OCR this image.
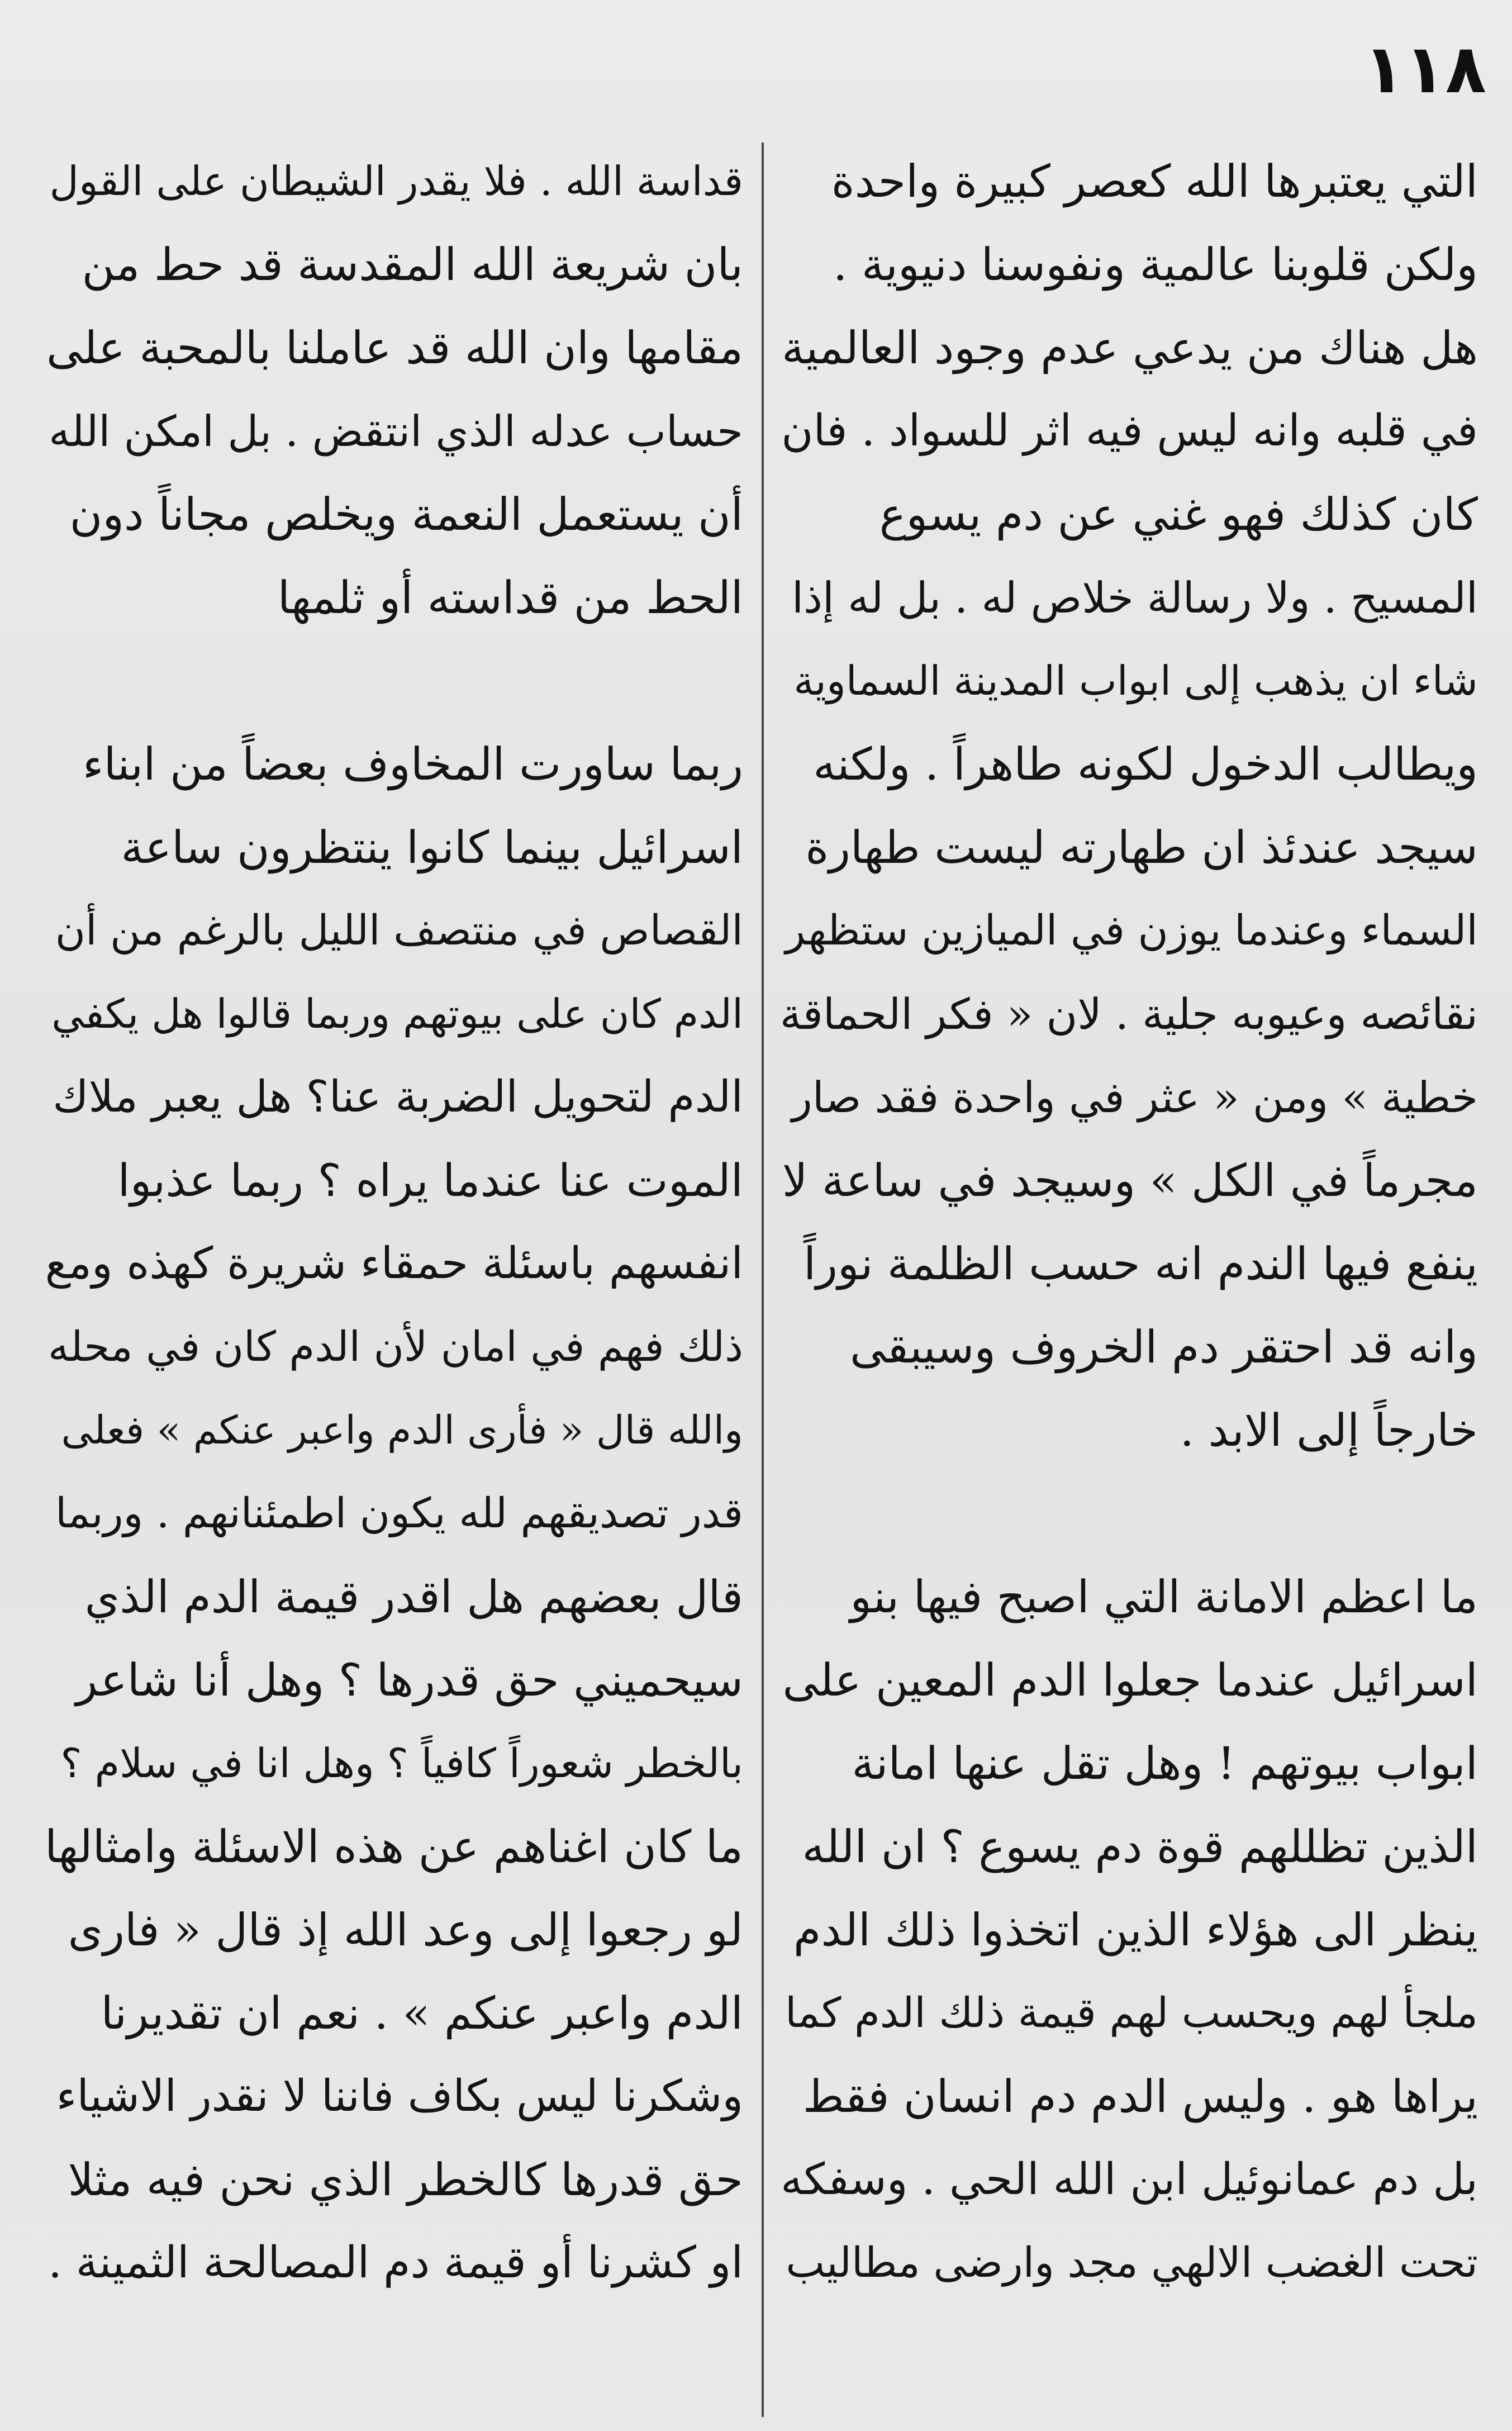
١١٨
التي يعتبرها الله كعصر كبيرة واحدة
ولكن قلوبنا عالمية ونفوسنا دنيوية .
هل هناك من يدعي عدم وجود العالمية
في قلبه وانه ليس فيه اثر للسواد . فان
كان كذلك فهو غني عن دم يسوع
المسيح . ولا رسالة خلاص له . بل له إذا
شاء ان يذهب إلى ابواب المدينة السماوية
ويطالب الدخول لكونه طاهراً . ولكنه
سيجد عندئذ ان طهارته ليست طهارة
السماء وعندما يوزن في الميازين ستظهر
نقائصه وعيوبه جلية . لان « فكر الحماقة
خطية » ومن « عثر في واحدة فقد صار
مجرماً في الكل » وسيجد في ساعة لا
ينفع فيها الندم انه حسب الظلمة نوراً
وانه قد احتقر دم الخروف وسيبقى
خارجاً إلى الابد .
ما اعظم الامانة التي اصبح فيها بنو
اسرائيل عندما جعلوا الدم المعين على
ابواب بيوتهم ! وهل تقل عنها امانة
الذين تظللهم قوة دم يسوع ؟ ان الله
ينظر الى هؤلاء الذين اتخذوا ذلك الدم
ملجأ لهم ويحسب لهم قيمة ذلك الدم كما
يراها هو . وليس الدم دم انسان فقط
بل دم عمانوئيل ابن الله الحي . وسفكه
تحت الغضب الالهي مجد وارضى مطاليب
قداسة الله . فلا يقدر الشيطان على القول
بان شريعة الله المقدسة قد حط من
مقامها وان الله قد عاملنا بالمحبة على
حساب عدله الذي انتقض . بل امكن الله
أن يستعمل النعمة ويخلص مجاناً دون
الحط من قداسته أو ثلمها
ربما ساورت المخاوف بعضاً من ابناء
اسرائيل بينما كانوا ينتظرون ساعة
القصاص في منتصف الليل بالرغم من أن
الدم كان على بيوتهم وربما قالوا هل يكفي
الدم لتحويل الضربة عنا؟ هل يعبر ملاك
الموت عنا عندما يراه ؟ ربما عذبوا
انفسهم باسئلة حمقاء شريرة كهذه ومع
ذلك فهم في امان لأن الدم كان في محله
والله قال « فأرى الدم واعبر عنكم » فعلى
قدر تصديقهم لله يكون اطمئنانهم . وربما
قال بعضهم هل اقدر قيمة الدم الذي
سيحميني حق قدرها ؟ وهل أنا شاعر
بالخطر شعوراً كافياً ؟ وهل انا في سلام ؟
ما كان اغناهم عن هذه الاسئلة وامثالها
لو رجعوا إلى وعد الله إذ قال « فارى
الدم واعبر عنكم » . نعم ان تقديرنا
وشكرنا ليس بكاف فاننا لا نقدر الاشياء
حق قدرها كالخطر الذي نحن فيه مثلا
او كشرنا أو قيمة دم المصالحة الثمينة .
